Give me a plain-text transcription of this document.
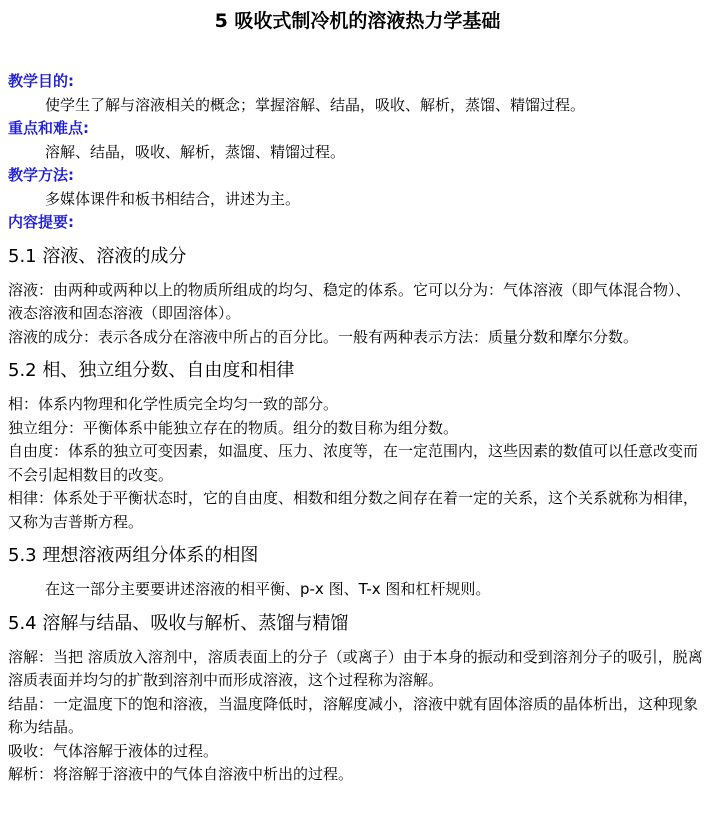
5 吸收式制冷机的溶液热力学基础

教学目的:

使学生了解与溶液相关的概念；掌握溶解、结晶，吸收、解析，蒸馏、精馏过程。

重点和难点:

溶解、结晶，吸收、解析，蒸馏、精馏过程。

教学方法:

多媒体课件和板书相结合，讲述为主。

内容提要:

5.1 溶液、溶液的成分

溶液：由两种或两种以上的物质所组成的均匀、稳定的体系。它可以分为：气体溶液（即气体混合物）、液态溶液和固态溶液（即固溶体）。

溶液的成分：表示各成分在溶液中所占的百分比。一般有两种表示方法：质量分数和摩尔分数。

5.2 相、独立组分数、自由度和相律

相：体系内物理和化学性质完全均匀一致的部分。

独立组分：平衡体系中能独立存在的物质。组分的数目称为组分数。

自由度：体系的独立可变因素，如温度、压力、浓度等，在一定范围内，这些因素的数值可以任意改变而不会引起相数目的改变。

相律：体系处于平衡状态时，它的自由度、相数和组分数之间存在着一定的关系，这个关系就称为相律，又称为吉普斯方程。

5.3 理想溶液两组分体系的相图

在这一部分主要要讲述溶液的相平衡、p-x 图、T-x 图和杠杆规则。

5.4 溶解与结晶、吸收与解析、蒸馏与精馏

溶解：当把 溶质放入溶剂中，溶质表面上的分子（或离子）由于本身的振动和受到溶剂分子的吸引，脱离溶质表面并均匀的扩散到溶剂中而形成溶液，这个过程称为溶解。

结晶：一定温度下的饱和溶液，当温度降低时，溶解度减小，溶液中就有固体溶质的晶体析出，这种现象称为结晶。

吸收：气体溶解于液体的过程。

解析：将溶解于溶液中的气体自溶液中析出的过程。
